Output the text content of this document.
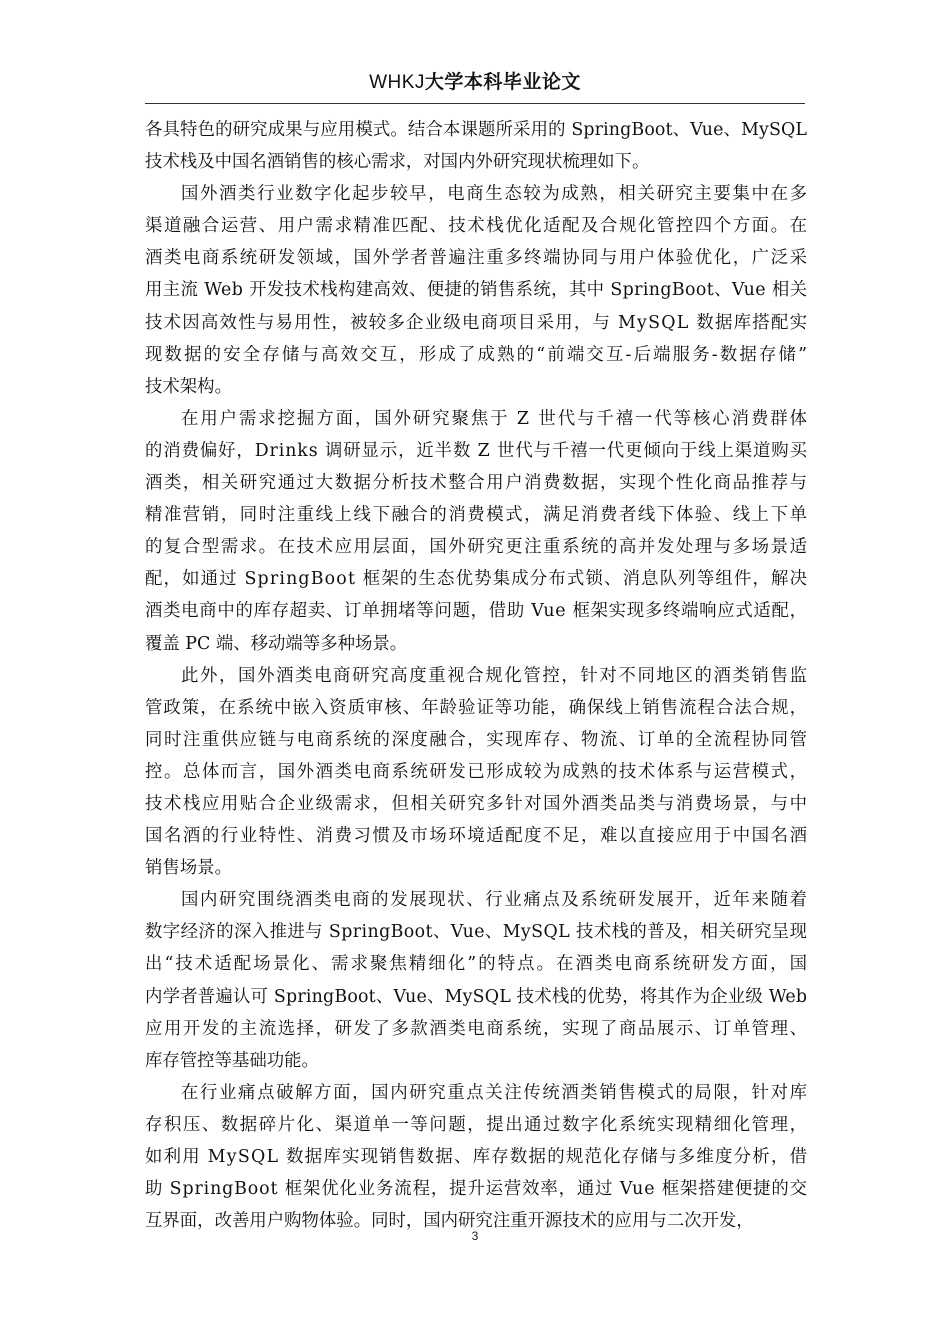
WHKJ大学本科毕业论文
各具特色的研究成果与应用模式。结合本课题所采用的 SpringBoot、Vue、MySQL
技术栈及中国名酒销售的核心需求，对国内外研究现状梳理如下。
国外酒类行业数字化起步较早，电商生态较为成熟，相关研究主要集中在多
渠道融合运营、用户需求精准匹配、技术栈优化适配及合规化管控四个方面。在
酒类电商系统研发领域，国外学者普遍注重多终端协同与用户体验优化，广泛采
用主流 Web 开发技术栈构建高效、便捷的销售系统，其中 SpringBoot、Vue 相关
技术因高效性与易用性，被较多企业级电商项目采用，与 MySQL 数据库搭配实
现数据的安全存储与高效交互，形成了成熟的“前端交互-后端服务-数据存储”
技术架构。
在用户需求挖掘方面，国外研究聚焦于 Z 世代与千禧一代等核心消费群体
的消费偏好，Drinks 调研显示，近半数 Z 世代与千禧一代更倾向于线上渠道购买
酒类，相关研究通过大数据分析技术整合用户消费数据，实现个性化商品推荐与
精准营销，同时注重线上线下融合的消费模式，满足消费者线下体验、线上下单
的复合型需求。在技术应用层面，国外研究更注重系统的高并发处理与多场景适
配，如通过 SpringBoot 框架的生态优势集成分布式锁、消息队列等组件，解决
酒类电商中的库存超卖、订单拥堵等问题，借助 Vue 框架实现多终端响应式适配，
覆盖 PC 端、移动端等多种场景。
此外，国外酒类电商研究高度重视合规化管控，针对不同地区的酒类销售监
管政策，在系统中嵌入资质审核、年龄验证等功能，确保线上销售流程合法合规，
同时注重供应链与电商系统的深度融合，实现库存、物流、订单的全流程协同管
控。总体而言，国外酒类电商系统研发已形成较为成熟的技术体系与运营模式，
技术栈应用贴合企业级需求，但相关研究多针对国外酒类品类与消费场景，与中
国名酒的行业特性、消费习惯及市场环境适配度不足，难以直接应用于中国名酒
销售场景。
国内研究围绕酒类电商的发展现状、行业痛点及系统研发展开，近年来随着
数字经济的深入推进与 SpringBoot、Vue、MySQL 技术栈的普及，相关研究呈现
出“技术适配场景化、需求聚焦精细化”的特点。在酒类电商系统研发方面，国
内学者普遍认可 SpringBoot、Vue、MySQL 技术栈的优势，将其作为企业级 Web
应用开发的主流选择，研发了多款酒类电商系统，实现了商品展示、订单管理、
库存管控等基础功能。
在行业痛点破解方面，国内研究重点关注传统酒类销售模式的局限，针对库
存积压、数据碎片化、渠道单一等问题，提出通过数字化系统实现精细化管理，
如利用 MySQL 数据库实现销售数据、库存数据的规范化存储与多维度分析，借
助 SpringBoot 框架优化业务流程，提升运营效率，通过 Vue 框架搭建便捷的交
互界面，改善用户购物体验。同时，国内研究注重开源技术的应用与二次开发，
3
